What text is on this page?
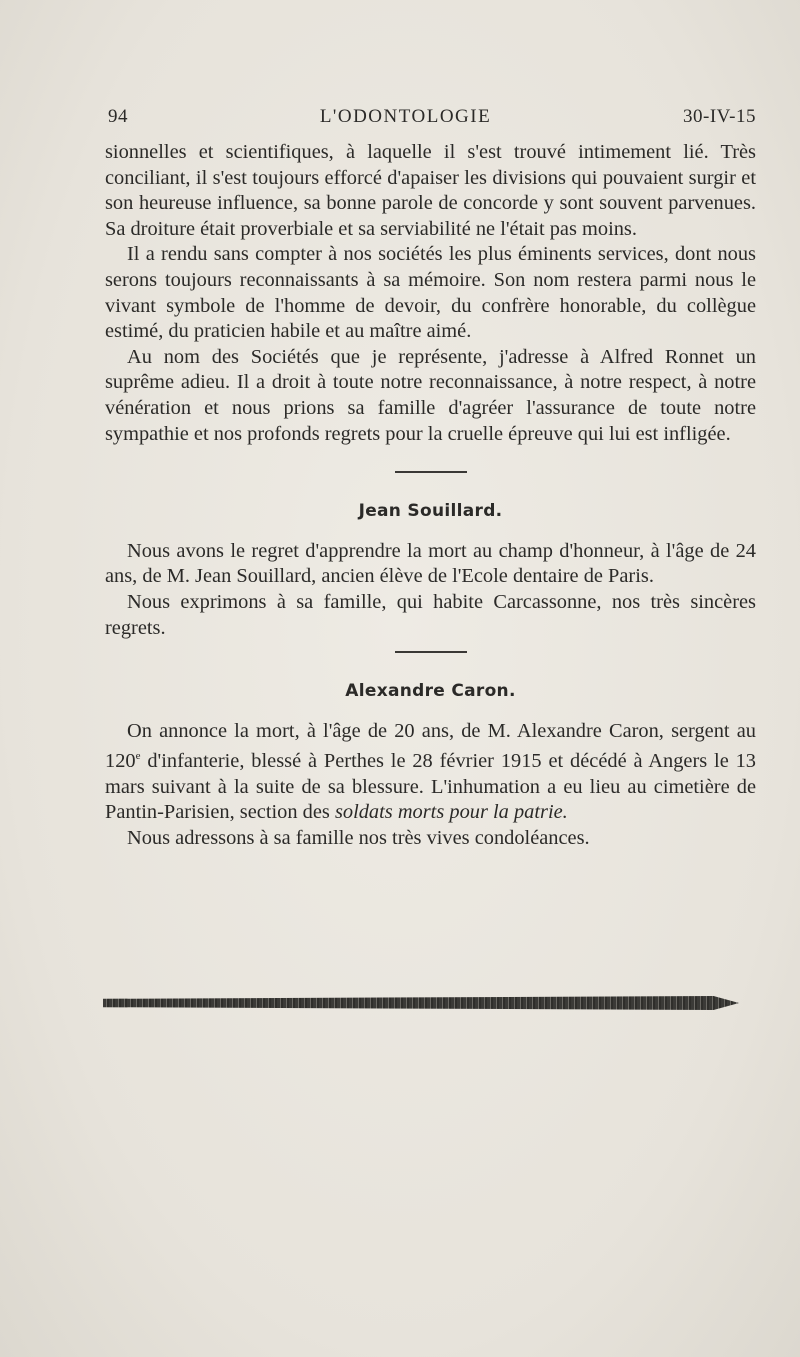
94	L'ODONTOLOGIE	30-IV-15

sionnelles et scientifiques, à laquelle il s'est trouvé intimement lié. Très conciliant, il s'est toujours efforcé d'apaiser les divisions qui pouvaient surgir et son heureuse influence, sa bonne parole de concorde y sont souvent parvenues. Sa droiture était proverbiale et sa serviabilité ne l'était pas moins.

Il a rendu sans compter à nos sociétés les plus éminents services, dont nous serons toujours reconnaissants à sa mémoire. Son nom restera parmi nous le vivant symbole de l'homme de devoir, du confrère honorable, du collègue estimé, du praticien habile et au maître aimé.

Au nom des Sociétés que je représente, j'adresse à Alfred Ronnet un suprême adieu. Il a droit à toute notre reconnaissance, à notre respect, à notre vénération et nous prions sa famille d'agréer l'assurance de toute notre sympathie et nos profonds regrets pour la cruelle épreuve qui lui est infligée.

Jean Souillard.

Nous avons le regret d'apprendre la mort au champ d'honneur, à l'âge de 24 ans, de M. Jean Souillard, ancien élève de l'Ecole dentaire de Paris.

Nous exprimons à sa famille, qui habite Carcassonne, nos très sincères regrets.

Alexandre Caron.

On annonce la mort, à l'âge de 20 ans, de M. Alexandre Caron, sergent au 120e d'infanterie, blessé à Perthes le 28 février 1915 et décédé à Angers le 13 mars suivant à la suite de sa blessure. L'inhumation a eu lieu au cimetière de Pantin-Parisien, section des soldats morts pour la patrie.

Nous adressons à sa famille nos très vives condoléances.
